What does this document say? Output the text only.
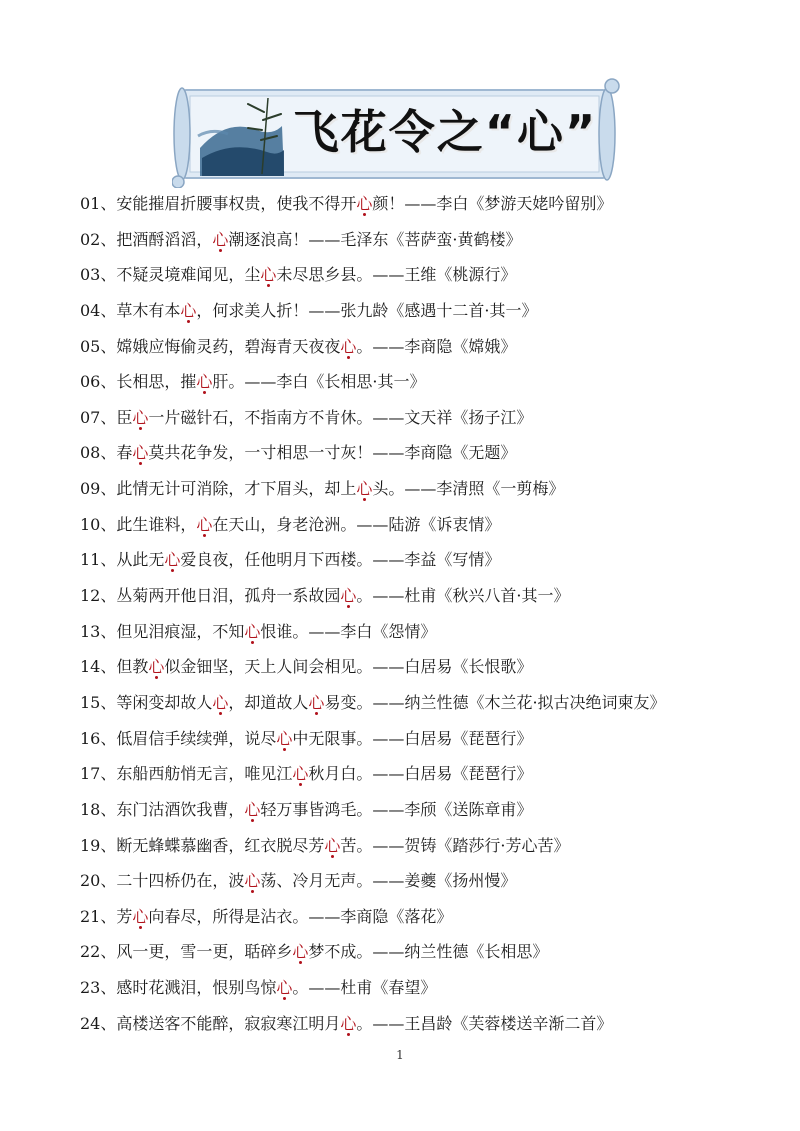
飞花令之“心”
01、安能摧眉折腰事权贵，使我不得开心颜！——李白《梦游天姥吟留别》
02、把酒酹滔滔，心潮逐浪高！——毛泽东《菩萨蛮·黄鹤楼》
03、不疑灵境难闻见，尘心未尽思乡县。——王维《桃源行》
04、草木有本心，何求美人折！——张九龄《感遇十二首·其一》
05、嫦娥应悔偷灵药，碧海青天夜夜心。——李商隐《嫦娥》
06、长相思，摧心肝。——李白《长相思·其一》
07、臣心一片磁针石，不指南方不肯休。——文天祥《扬子江》
08、春心莫共花争发，一寸相思一寸灰！——李商隐《无题》
09、此情无计可消除，才下眉头，却上心头。——李清照《一剪梅》
10、此生谁料，心在天山，身老沧洲。——陆游《诉衷情》
11、从此无心爱良夜，任他明月下西楼。——李益《写情》
12、丛菊两开他日泪，孤舟一系故园心。——杜甫《秋兴八首·其一》
13、但见泪痕湿，不知心恨谁。——李白《怨情》
14、但教心似金钿坚，天上人间会相见。——白居易《长恨歌》
15、等闲变却故人心，却道故人心易变。——纳兰性德《木兰花·拟古决绝词柬友》
16、低眉信手续续弹，说尽心中无限事。——白居易《琵琶行》
17、东船西舫悄无言，唯见江心秋月白。——白居易《琵琶行》
18、东门沽酒饮我曹，心轻万事皆鸿毛。——李颀《送陈章甫》
19、断无蜂蝶慕幽香，红衣脱尽芳心苦。——贺铸《踏莎行·芳心苦》
20、二十四桥仍在，波心荡、冷月无声。——姜夔《扬州慢》
21、芳心向春尽，所得是沾衣。——李商隐《落花》
22、风一更，雪一更，聒碎乡心梦不成。——纳兰性德《长相思》
23、感时花溅泪，恨别鸟惊心。——杜甫《春望》
24、高楼送客不能醉，寂寂寒江明月心。——王昌龄《芙蓉楼送辛渐二首》
1
